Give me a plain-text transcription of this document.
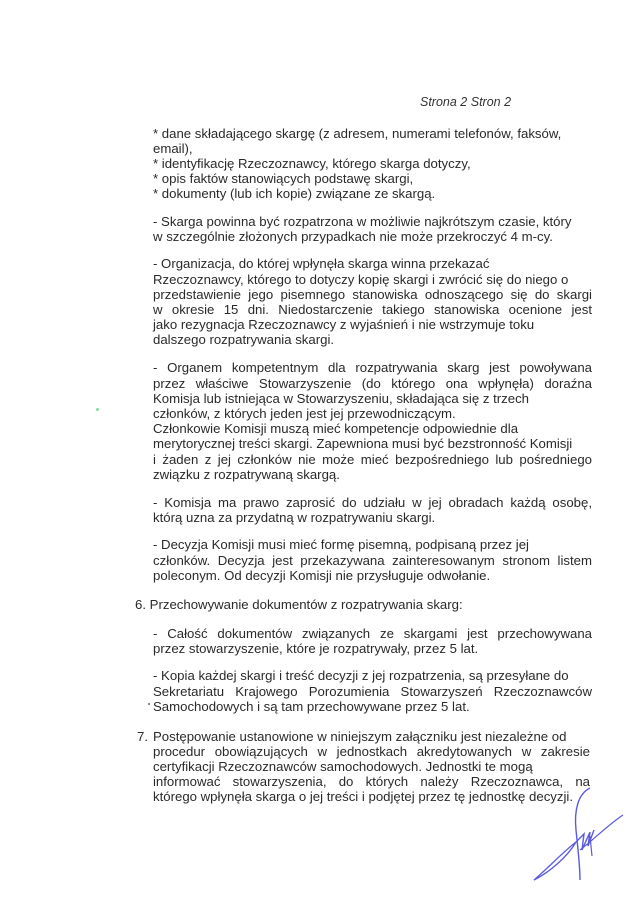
Strona 2 Stron 2
* dane składającego skargę (z adresem, numerami telefonów, faksów,
email),
* identyfikację Rzeczoznawcy, którego skarga dotyczy,
* opis faktów stanowiących podstawę skargi,
* dokumenty (lub ich kopie) związane ze skargą.
- Skarga powinna być rozpatrzona w możliwie najkrótszym czasie, który
w szczególnie złożonych przypadkach nie może przekroczyć 4 m-cy.
- Organizacja, do której wpłynęła skarga winna przekazać
Rzeczoznawcy, którego to dotyczy kopię skargi i zwrócić się do niego o
przedstawienie jego pisemnego stanowiska odnoszącego się do skargi
w okresie 15 dni. Niedostarczenie takiego stanowiska ocenione jest
jako rezygnacja Rzeczoznawcy z wyjaśnień i nie wstrzymuje toku
dalszego rozpatrywania skargi.
- Organem kompetentnym dla rozpatrywania skarg jest powoływana
przez właściwe Stowarzyszenie (do którego ona wpłynęła) doraźna
Komisja lub istniejąca w Stowarzyszeniu, składająca się z trzech
członków, z których jeden jest jej przewodniczącym.
Członkowie Komisji muszą mieć kompetencje odpowiednie dla
merytorycznej treści skargi. Zapewniona musi być bezstronność Komisji
i żaden z jej członków nie może mieć bezpośredniego lub pośredniego
związku z rozpatrywaną skargą.
- Komisja ma prawo zaprosić do udziału w jej obradach każdą osobę,
którą uzna za przydatną w rozpatrywaniu skargi.
- Decyzja Komisji musi mieć formę pisemną, podpisaną przez jej
członków. Decyzja jest przekazywana zainteresowanym stronom listem
poleconym. Od decyzji Komisji nie przysługuje odwołanie.
6. Przechowywanie dokumentów z rozpatrywania skarg:
- Całość dokumentów związanych ze skargami jest przechowywana
przez stowarzyszenie, które je rozpatrywały, przez 5 lat.
- Kopia każdej skargi i treść decyzji z jej rozpatrzenia, są przesyłane do
Sekretariatu Krajowego Porozumienia Stowarzyszeń Rzeczoznawców
Samochodowych i są tam przechowywane przez 5 lat.
7. Postępowanie ustanowione w niniejszym załączniku jest niezależne od
procedur obowiązujących w jednostkach akredytowanych w zakresie
certyfikacji Rzeczoznawców samochodowych. Jednostki te mogą
informować stowarzyszenia, do których należy Rzeczoznawca, na
którego wpłynęła skarga o jej treści i podjętej przez tę jednostkę decyzji.
